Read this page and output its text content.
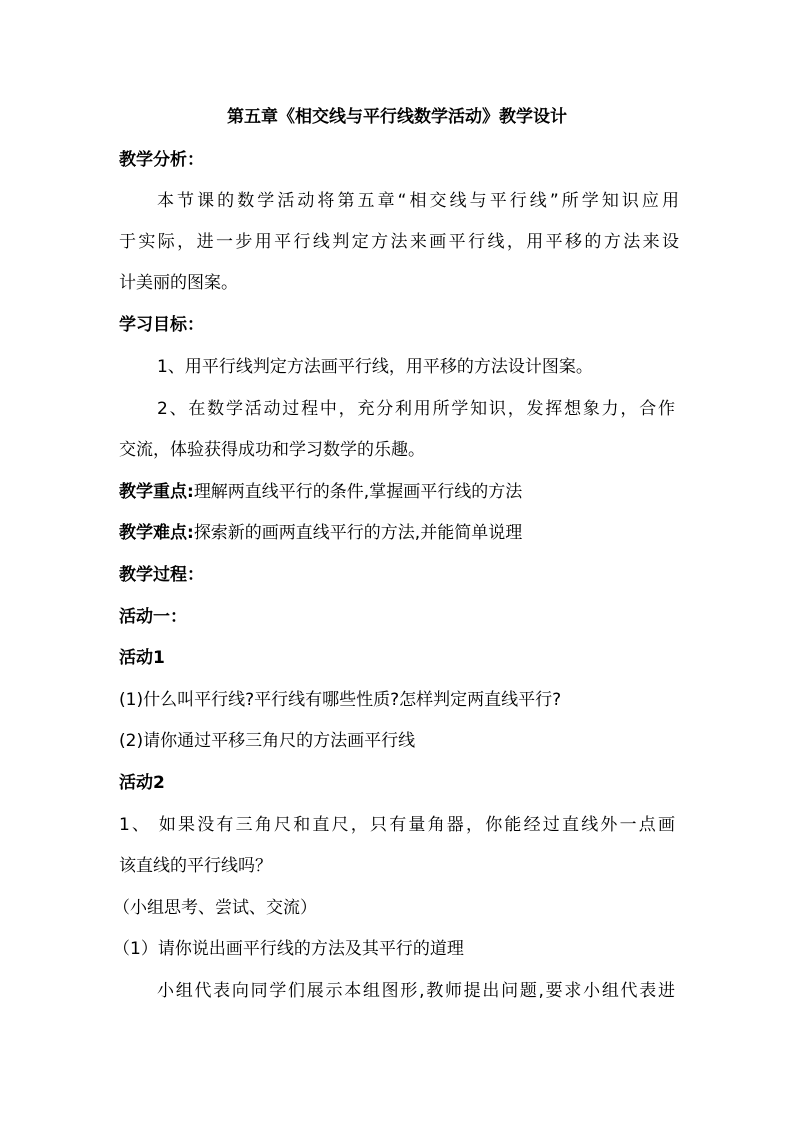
第五章《相交线与平行线数学活动》教学设计
教学分析：
本节课的数学活动将第五章“相交线与平行线”所学知识应用
于实际，进一步用平行线判定方法来画平行线，用平移的方法来设
计美丽的图案。
学习目标：
1、用平行线判定方法画平行线，用平移的方法设计图案。
2、在数学活动过程中，充分利用所学知识，发挥想象力，合作
交流，体验获得成功和学习数学的乐趣。
教学重点:理解两直线平行的条件,掌握画平行线的方法
教学难点:探索新的画两直线平行的方法,并能简单说理
教学过程：
活动一：
活动1
(1)什么叫平行线?平行线有哪些性质?怎样判定两直线平行?
(2)请你通过平移三角尺的方法画平行线
活动2
1、 如果没有三角尺和直尺，只有量角器，你能经过直线外一点画
该直线的平行线吗？
（小组思考、尝试、交流）
（1）请你说出画平行线的方法及其平行的道理
小组代表向同学们展示本组图形,教师提出问题,要求小组代表进
